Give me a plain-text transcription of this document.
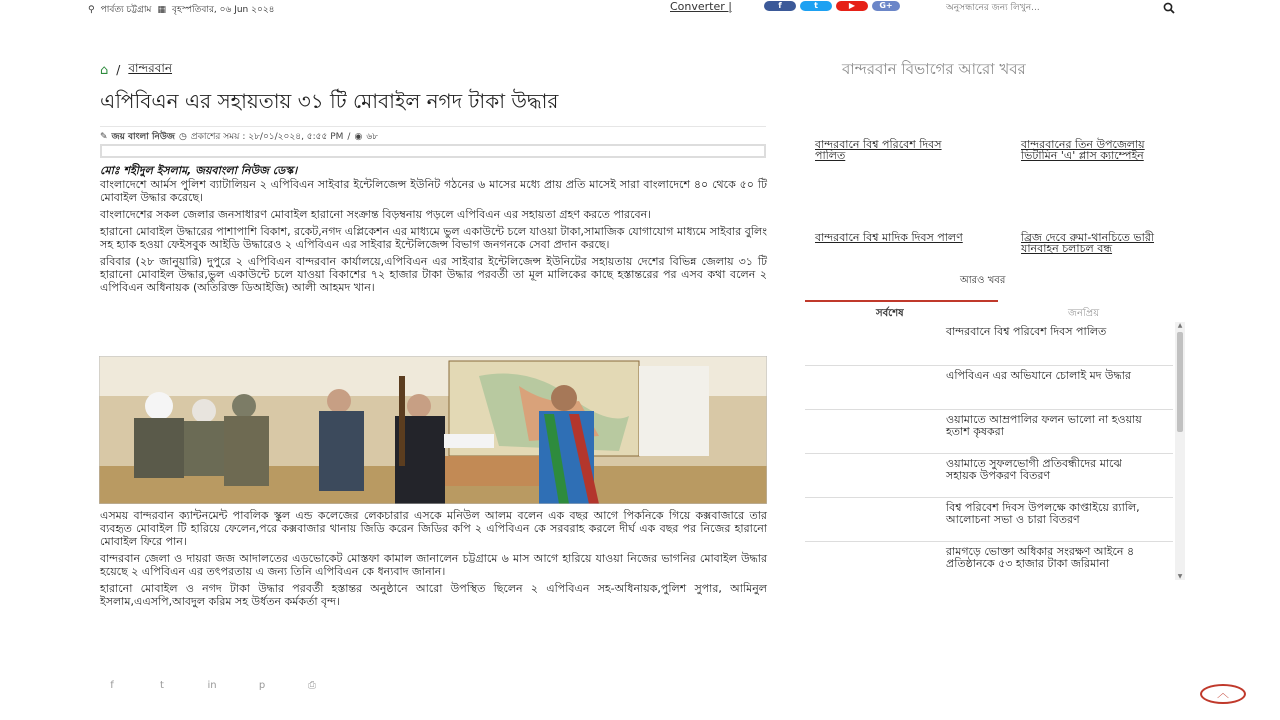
⚲ পার্বত্য চট্টগ্রাম ▦ বৃহস্পতিবার, ০৬ Jun ২০২৪	Converter |	f	t	▶	G+
অনুসন্ধানের জন্য লিখুন...
⌂ / বান্দরবান	বান্দরবান বিভাগের আরো খবর
এপিবিএন এর সহায়তায় ৩১ টি মোবাইল নগদ টাকা উদ্ধার
✎ জয় বাংলা নিউজ ◷ প্রকাশের সময় : ২৮/০১/২০২৪, ৫:৫৫ PM / ◉ ৬৮
মোঃ শহীদুল ইসলাম, জয়বাংলা নিউজ ডেস্ক।

বাংলাদেশে আর্মস পুলিশ ব্যাটালিয়ন ২ এপিবিএন সাইবার ইন্টেলিজেন্স ইউনিট গঠনের ৬ মাসের মধ্যে প্রায় প্রতি মাসেই সারা বাংলাদেশে ৪০ থেকে ৫০ টি মোবাইল উদ্ধার করেছে।

বাংলাদেশের সকল জেলার জনসাধারণ মোবাইল হারানো সংক্রান্ত বিড়ম্বনায় পড়লে এপিবিএন এর সহায়তা গ্রহণ করতে পারবেন।

হারানো মোবাইল উদ্ধারের পাশাপাশি বিকাশ, রকেট,নগদ এপ্লিকেশন এর মাধ্যমে ভুল একাউন্টে চলে যাওয়া টাকা,সামাজিক যোগাযোগ মাধ্যমে সাইবার বুলিং সহ হ্যাক হওয়া ফেইসবুক আইডি উদ্ধারেও ২ এপিবিএন এর সাইবার ইন্টেলিজেন্স বিভাগ জনগনকে সেবা প্রদান করছে।

রবিবার (২৮ জানুয়ারি) দুপুরে ২ এপিবিএন বান্দরবান কার্যালয়ে,এপিবিএন এর সাইবার ইন্টেলিজেন্স ইউনিটের সহায়তায় দেশের বিভিন্ন জেলায় ৩১ টি হারানো মোবাইল উদ্ধার,ভুল একাউন্টে চলে যাওয়া বিকাশের ৭২ হাজার টাকা উদ্ধার পরবর্তী তা মূল মালিকের কাছে হস্তান্তরের পর এসব কথা বলেন ২ এপিবিএন অধিনায়ক (অতিরিক্ত ডিআইজি) আলী আহমদ খান।

এসময় বান্দরবান ক্যান্টনমেন্ট পাবলিক স্কুল এন্ড কলেজের লেকচারার এসকে মনিউল আলম বলেন এক বছর আগে পিকনিকে গিয়ে কক্সবাজারে তার ব্যবহৃত মোবাইল টি হারিয়ে ফেলেন,পরে কক্সবাজার থানায় জিডি করেন জিডির কপি ২ এপিবিএন কে সরবরাহ করলে দীর্ঘ এক বছর পর নিজের হারানো মোবাইল ফিরে পান।

বান্দরবান জেলা ও দায়রা জজ আদালতের এডভোকেট মোস্তফা কামাল জানালেন চট্টগ্রামে ৬ মাস আগে হারিয়ে যাওয়া নিজের ভাগনির মোবাইল উদ্ধার হয়েছে ২ এপিবিএন এর তৎপরতায় এ জন্য তিনি এপিবিএন কে ধন্যবাদ জানান।

হারানো মোবাইল ও নগদ টাকা উদ্ধার পরবর্তী হস্তান্তর অনুষ্ঠানে আরো উপস্থিত ছিলেন ২ এপিবিএন সহ-অধিনায়ক,পুলিশ সুপার, আমিনুল ইসলাম,এএসপি,আবদুল করিম সহ উর্ধতন কর্মকর্তা বৃন্দ।

f	t	in	p	⎙
বান্দরবানে বিশ্ব পরিবেশ দিবস পালিত
বান্দরবানের তিন উপজেলায় ভিটামিন 'এ' প্লাস ক্যাম্পেইন
বান্দরবানে বিশ্ব মাদিক দিবস পালণ	ব্রিজ দেবে রুমা-থানচিতে ভারী যানবাহন চলাচল বন্ধ
আরও খবর
সর্বশেষ	জনপ্রিয়
বান্দরবানে বিশ্ব পরিবেশ দিবস পালিত
এপিবিএন এর অভিযানে চোলাই মদ উদ্ধার
ওয়ামাতে আম্রপালির ফলন ভালো না হওয়ায় হতাশ কৃষকরা
ওয়ামাতে সুফলভোগী প্রতিবন্ধীদের মাঝে সহায়ক উপকরণ বিতরণ
বিশ্ব পরিবেশ দিবস উপলক্ষে কাপ্তাইয়ে র‍্যালি, আলোচনা সভা ও চারা বিতরণ
রামগড়ে ভোক্তা অধিকার সংরক্ষণ আইনে ৪ প্রতিষ্ঠানকে ৫৩ হাজার টাকা জরিমানা
▲
▼
︿
